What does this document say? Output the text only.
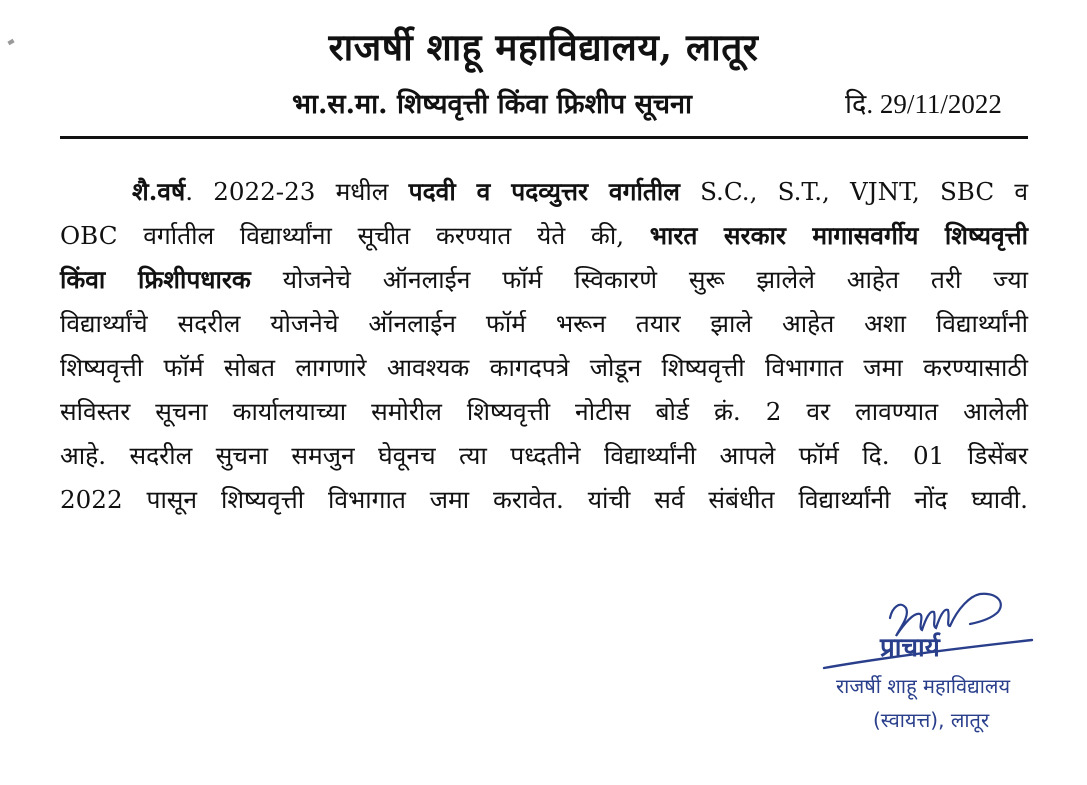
राजर्षी शाहू महाविद्यालय, लातूर
भा.स.मा. शिष्यवृत्ती किंवा फ्रिशीप सूचना	दि. 29/11/2022
शै.वर्ष. 2022-23 मधील पदवी व पदव्युत्तर वर्गातील S.C., S.T., VJNT, SBC व
OBC वर्गातील विद्यार्थ्यांना सूचीत करण्यात येते की, भारत सरकार मागासवर्गीय शिष्यवृत्ती
किंवा फ्रिशीपधारक योजनेचे ऑनलाईन फॉर्म स्विकारणे सुरू झालेले आहेत तरी ज्या
विद्यार्थ्यांचे सदरील योजनेचे ऑनलाईन फॉर्म भरून तयार झाले आहेत अशा विद्यार्थ्यांनी
शिष्यवृत्ती फॉर्म सोबत लागणारे आवश्यक कागदपत्रे जोडून शिष्यवृत्ती विभागात जमा करण्यासाठी
सविस्तर सूचना कार्यालयाच्या समोरील शिष्यवृत्ती नोटीस बोर्ड क्रं. 2 वर लावण्यात आलेली
आहे. सदरील सुचना समजुन घेवूनच त्या पध्दतीने विद्यार्थ्यांनी आपले फॉर्म दि. 01 डिसेंबर
2022 पासून शिष्यवृत्ती विभागात जमा करावेत. यांची सर्व संबंधीत विद्यार्थ्यांनी नोंद घ्यावी.
प्राचार्य
राजर्षी शाहू महाविद्यालय
(स्वायत्त), लातूर
